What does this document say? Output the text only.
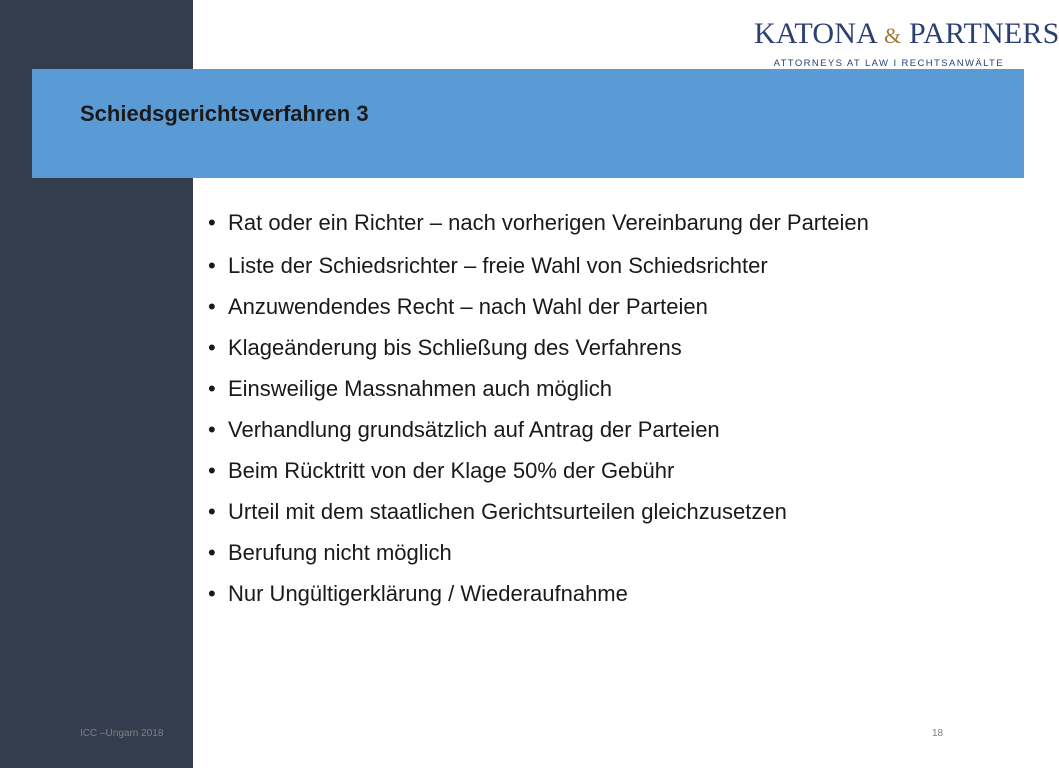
KATONA & PARTNERS
ATTORNEYS AT LAW I RECHTSANWÄLTE
Schiedsgerichtsverfahren 3
• Rat oder ein Richter – nach vorherigen Vereinbarung der Parteien
• Liste der Schiedsrichter – freie Wahl von Schiedsrichter
• Anzuwendendes Recht – nach Wahl der Parteien
• Klageänderung bis Schließung des Verfahrens
• Einsweilige Massnahmen auch möglich
• Verhandlung grundsätzlich auf Antrag der Parteien
• Beim Rücktritt von der Klage 50% der Gebühr
• Urteil mit dem staatlichen Gerichtsurteilen gleichzusetzen
• Berufung nicht möglich
• Nur Ungültigerklärung / Wiederaufnahme
ICC –Ungarn 2018	18
